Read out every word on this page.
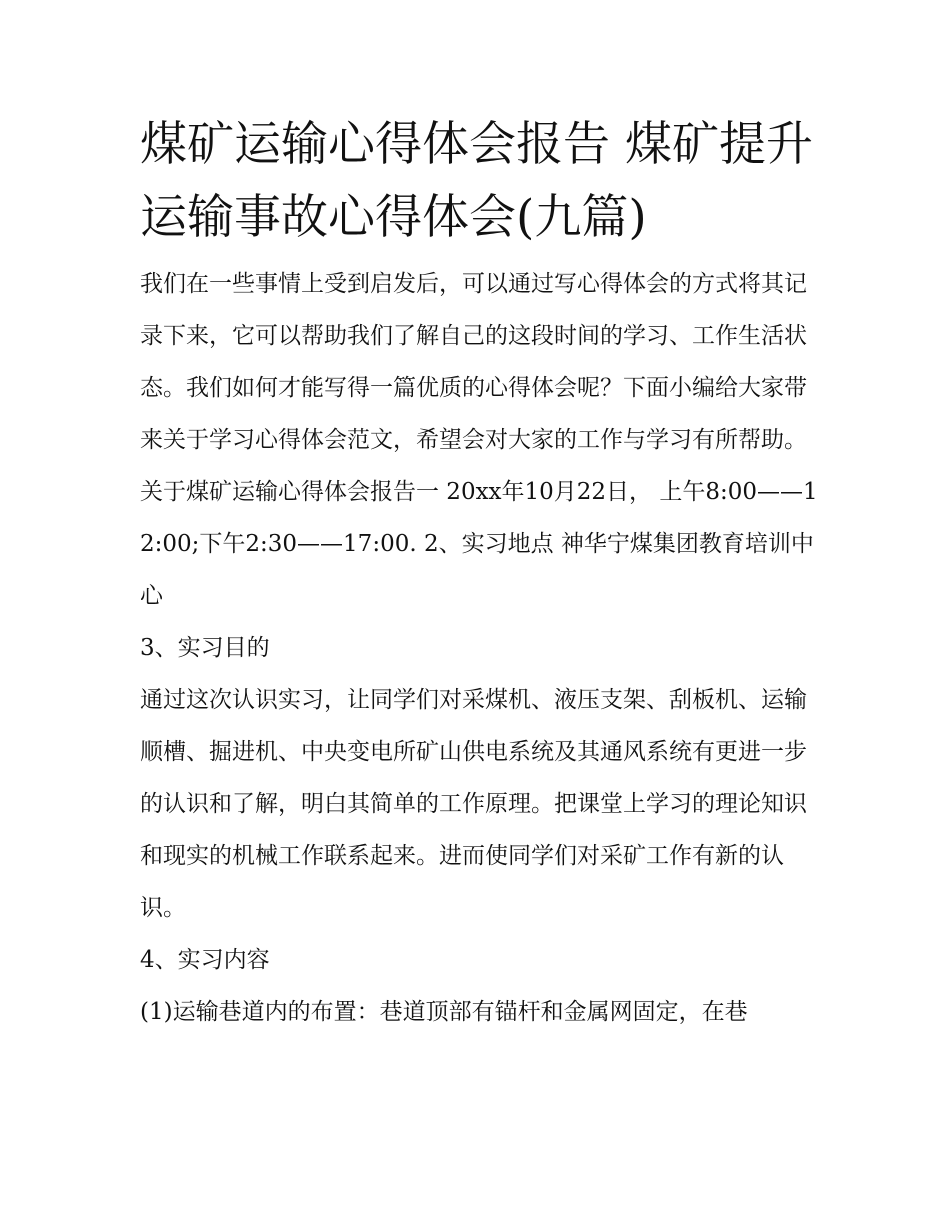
煤矿运输心得体会报告 煤矿提升运输事故心得体会(九篇)

我们在一些事情上受到启发后，可以通过写心得体会的方式将其记录下来，它可以帮助我们了解自己的这段时间的学习、工作生活状态。我们如何才能写得一篇优质的心得体会呢？下面小编给大家带来关于学习心得体会范文，希望会对大家的工作与学习有所帮助。

关于煤矿运输心得体会报告一 20xx年10月22日， 上午8:00——12:00;下午2:30——17:00. 2、实习地点 神华宁煤集团教育培训中心

3、实习目的

通过这次认识实习，让同学们对采煤机、液压支架、刮板机、运输顺槽、掘进机、中央变电所矿山供电系统及其通风系统有更进一步的认识和了解，明白其简单的工作原理。把课堂上学习的理论知识和现实的机械工作联系起来。进而使同学们对采矿工作有新的认识。

4、实习内容

(1)运输巷道内的布置：巷道顶部有锚杆和金属网固定，在巷
